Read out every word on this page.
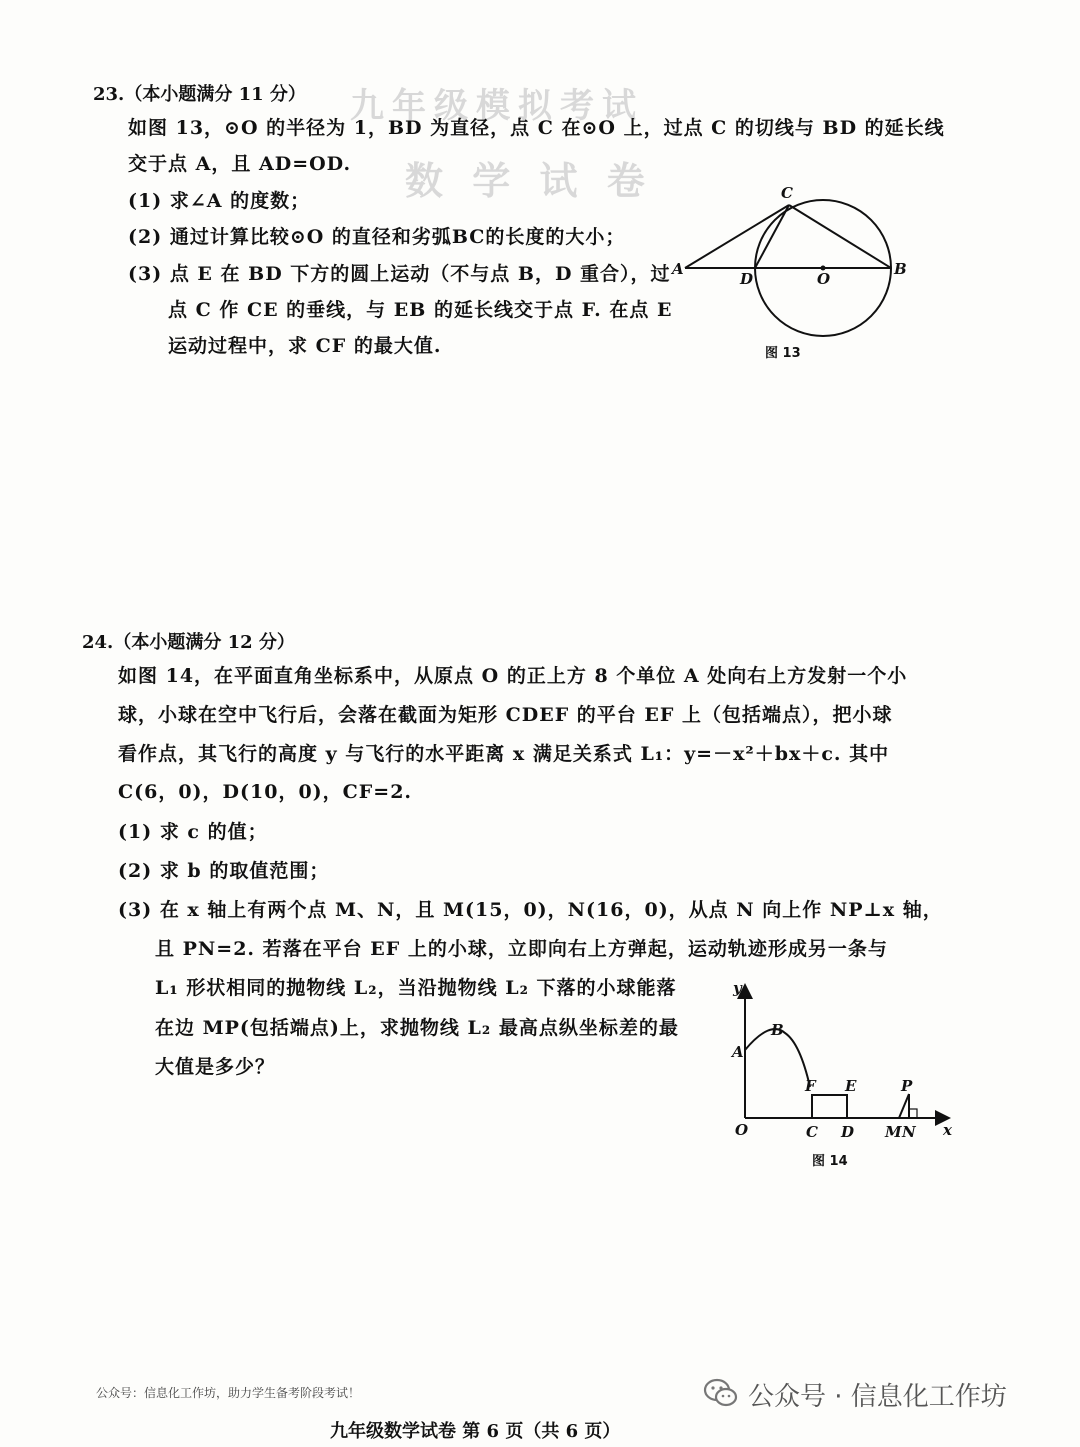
九年级模拟考试
数 学 试 卷
23.（本小题满分 11 分）
如图 13，⊙O 的半径为 1，BD 为直径，点 C 在⊙O 上，过点 C 的切线与 BD 的延长线
交于点 A，且 AD=OD.
(1) 求∠A 的度数；
(2) 通过计算比较⊙O 的直径和劣弧BC的长度的大小；
(3) 点 E 在 BD 下方的圆上运动（不与点 B，D 重合），过
点 C 作 CE 的垂线，与 EB 的延长线交于点 F. 在点 E
运动过程中，求 CF 的最大值.
A
D	O
B
C
图 13
24.（本小题满分 12 分）
如图 14，在平面直角坐标系中，从原点 O 的正上方 8 个单位 A 处向右上方发射一个小
球，小球在空中飞行后，会落在截面为矩形 CDEF 的平台 EF 上（包括端点），把小球
看作点，其飞行的高度 y 与飞行的水平距离 x 满足关系式 L₁：y=－x²＋bx＋c. 其中
C(6，0)，D(10，0)，CF=2.
(1) 求 c 的值；
(2) 求 b 的取值范围；
(3) 在 x 轴上有两个点 M、N，且 M(15，0)，N(16，0)，从点 N 向上作 NP⊥x 轴，
且 PN=2. 若落在平台 EF 上的小球，立即向右上方弹起，运动轨迹形成另一条与
L₁ 形状相同的抛物线 L₂，当沿抛物线 L₂ 下落的小球能落
在边 MP(包括端点)上，求抛物线 L₂ 最高点纵坐标差的最
大值是多少？
y
x
O
A
B
F E
C D
P
M N
图 14
公众号：信息化工作坊，助力学生备考阶段考试！	公众号 · 信息化工作坊
九年级数学试卷 第 6 页（共 6 页）
